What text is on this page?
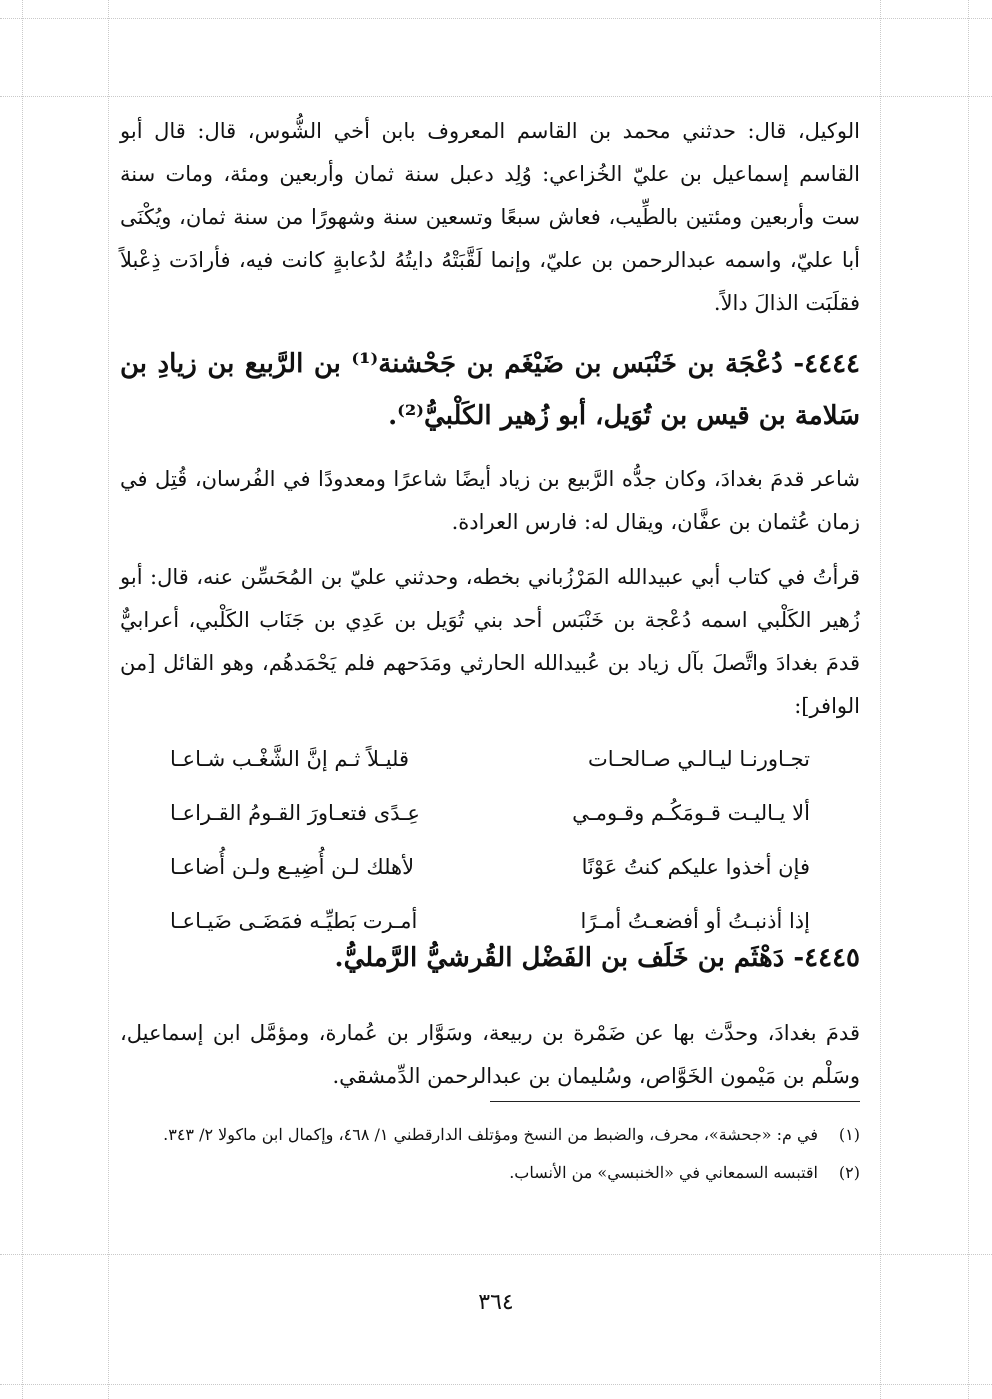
الوكيل، قال: حدثني محمد بن القاسم المعروف بابن أخي الشُّوس، قال: قال أبو القاسم إسماعيل بن عليّ الخُزاعي: وُلِد دعبل سنة ثمان وأربعين ومئة، ومات سنة ست وأربعين ومئتين بالطِّيب، فعاش سبعًا وتسعين سنة وشهورًا من سنة ثمان، ويُكْنَى أبا عليّ، واسمه عبدالرحمن بن عليّ، وإنما لَقَّبَتْهُ دايتُهُ لدُعابةٍ كانت فيه، فأرادَت ذِعْبلاً فقلَبَت الذالَ دالاً.

٤٤٤٤- دُعْجَة بن خَنْبَس بن ضَيْغَم بن جَحْشنة⁽¹⁾ بن الرَّبيع بن زيادِ بن سَلامة بن قيس بن تُوَيل، أبو زُهير الكَلْبيُّ⁽²⁾.

شاعر قدمَ بغدادَ، وكان جدُّه الرَّبيع بن زياد أيضًا شاعرًا ومعدودًا في الفُرسان، قُتِل في زمان عُثمان بن عفَّان، ويقال له: فارس العرادة.

قرأتُ في كتاب أبي عبيدالله المَرْزُباني بخطه، وحدثني عليّ بن المُحَسِّن عنه، قال: أبو زُهير الكَلْبي اسمه دُعْجة بن خَنْبَس أحد بني تُوَيل بن عَدِي بن جَنَاب الكَلْبي، أعرابيٌّ قدمَ بغدادَ واتَّصلَ بآل زياد بن عُبيدالله الحارثي ومَدَحهم فلم يَحْمَدهُم، وهو القائل [من الوافر]:

تجـاورنـا ليـالـي صـالحـات
قليـلاً ثـم إنَّ الشَّغْـب شـاعـا
ألا يـاليـت قـومَكُـم وقـومـي
عِـدًى فتعـاورَ القـومُ القـراعـا
فإن أخذوا عليكم كنتُ عَوْنًا
لأهلك لـن أُضِيـع ولـن أُضاعـا
إذا أذنبـتُ أو أفضعـتُ أمـرًا
أمـرت بَطيِّـه فمَضَـى ضَيـاعـا

٤٤٤٥- دَهْثَم بن خَلَف بن الفَضْل القُرشيُّ الرَّمليُّ.

قدمَ بغدادَ، وحدَّث بها عن ضَمْرة بن ربيعة، وسَوَّار بن عُمارة، ومؤمَّل ابن إسماعيل، وسَلْم بن مَيْمون الخَوَّاص، وسُليمان بن عبدالرحمن الدِّمشقي.

(١)
في م: «جحشة»، محرف، والضبط من النسخ ومؤتلف الدارقطني ١/ ٤٦٨، وإكمال ابن ماكولا ٢/ ٣٤٣.
(٢)
اقتبسه السمعاني في «الخنبسي» من الأنساب.
٣٦٤
